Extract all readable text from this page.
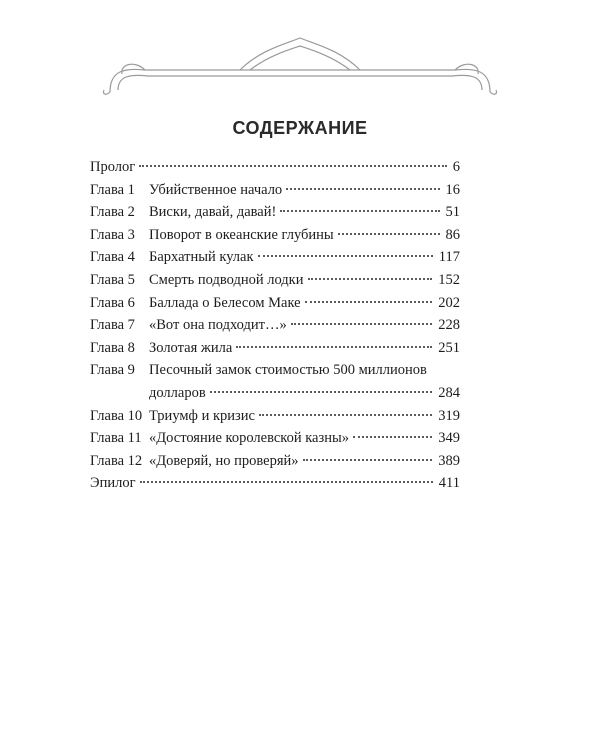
СОДЕРЖАНИЕ
Пролог	6
Глава 1 Убийственное начало	16
Глава 2 Виски, давай, давай!	51
Глава 3 Поворот в океанские глубины	86
Глава 4 Бархатный кулак	117
Глава 5 Смерть подводной лодки	152
Глава 6 Баллада о Белесом Маке	202
Глава 7 «Вот она подходит…»	228
Глава 8 Золотая жила	251
Глава 9 Песочный замок стоимостью 500 миллионов
долларов	284
Глава 10 Триумф и кризис	319
Глава 11 «Достояние королевской казны»	349
Глава 12 «Доверяй, но проверяй»	389
Эпилог	411
